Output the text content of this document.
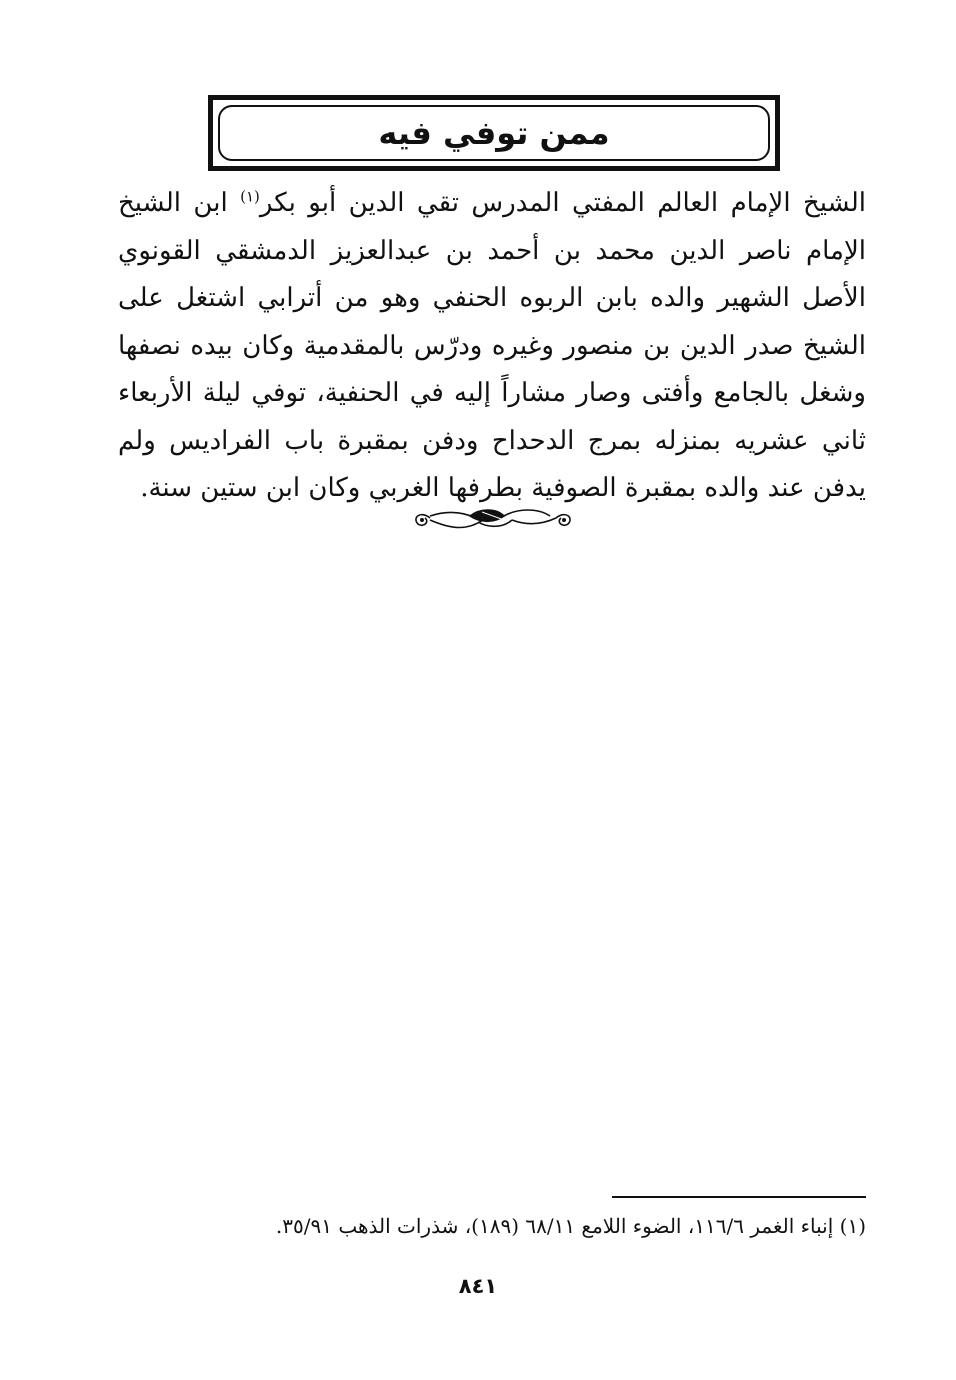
ممن توفي فيه

الشيخ الإمام العالم المفتي المدرس تقي الدين أبو بكر$^{(١)}$ ابن الشيخ الإمام ناصر الدين محمد بن أحمد بن عبدالعزيز الدمشقي القونوي الأصل الشهير والده بابن الربوه الحنفي وهو من أترابي اشتغل على الشيخ صدر الدين بن منصور وغيره ودرّس بالمقدمية وكان بيده نصفها وشغل بالجامع وأفتى وصار مشاراً إليه في الحنفية، توفي ليلة الأربعاء ثاني عشريه بمنزله بمرج الدحداح ودفن بمقبرة باب الفراديس ولم يدفن عند والده بمقبرة الصوفية بطرفها الغربي وكان ابن ستين سنة.

(١) إنباء الغمر ١١٦/٦، الضوء اللامع ٦٨/١١ (١٨٩)، شذرات الذهب ٣٥/٩١.
٨٤١
